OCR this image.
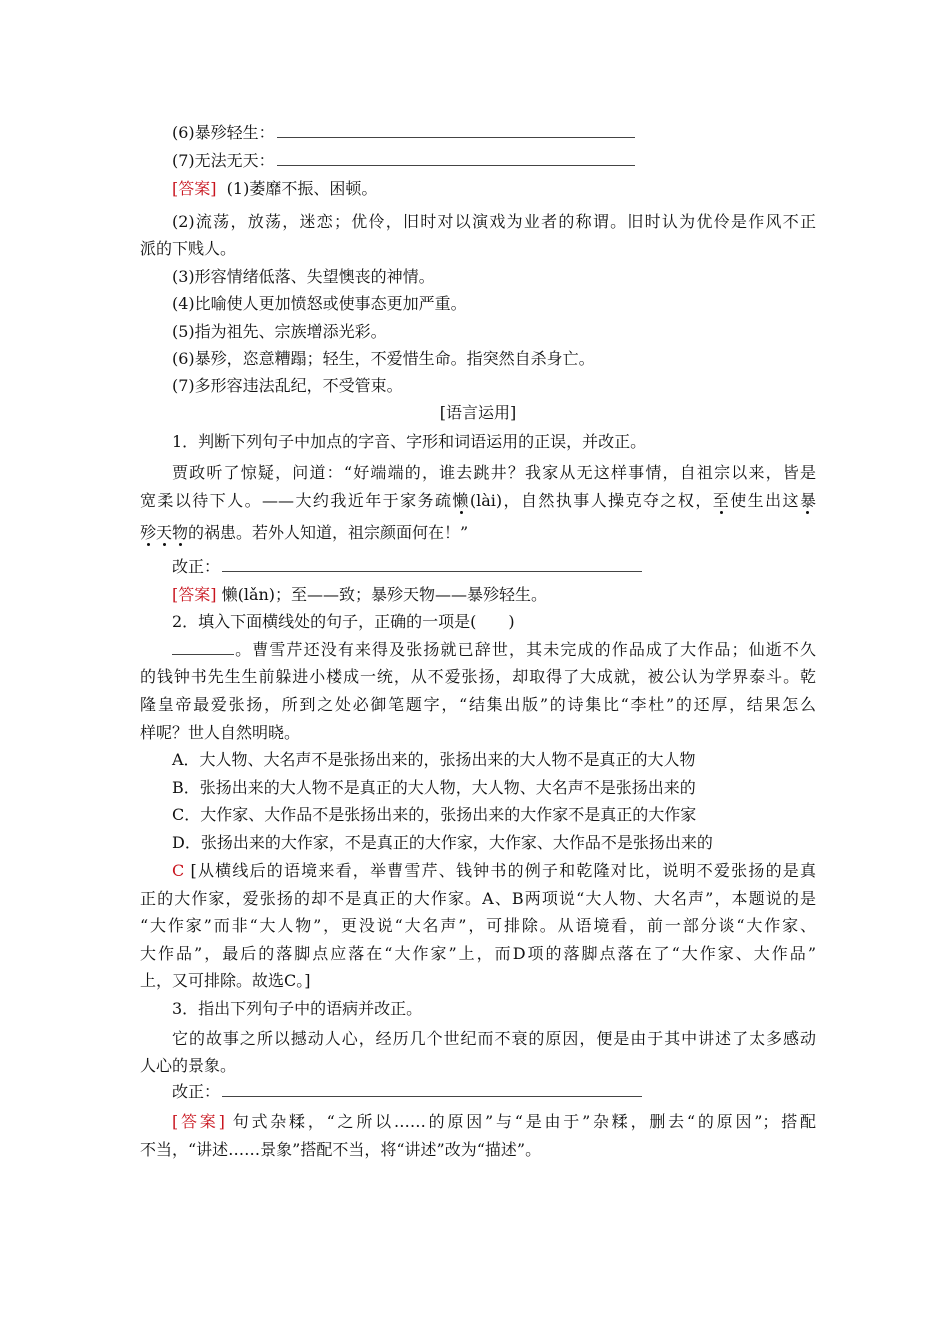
(6)暴殄轻生：
(7)无法无天：
[答案] (1)萎靡不振、困顿。
(2)流荡，放荡，迷恋；优伶，旧时对以演戏为业者的称谓。旧时认为优伶是作风不正
派的下贱人。
(3)形容情绪低落、失望懊丧的神情。
(4)比喻使人更加愤怒或使事态更加严重。
(5)指为祖先、宗族增添光彩。
(6)暴殄，恣意糟蹋；轻生，不爱惜生命。指突然自杀身亡。
(7)多形容违法乱纪，不受管束。
[语言运用]
1．判断下列句子中加点的字音、字形和词语运用的正误，并改正。
贾政听了惊疑，问道：“好端端的，谁去跳井？我家从无这样事情，自祖宗以来，皆是
宽柔以待下人。——大约我近年于家务疏懒(lài)，自然执事人操克夺之权，至使生出这暴
殄天物的祸患。若外人知道，祖宗颜面何在！”
改正：
[答案] 懒(lǎn)；至——致；暴殄天物——暴殄轻生。
2．填入下面横线处的句子，正确的一项是(　　)
。曹雪芹还没有来得及张扬就已辞世，其未完成的作品成了大作品；仙逝不久
的钱钟书先生生前躲进小楼成一统，从不爱张扬，却取得了大成就，被公认为学界泰斗。乾
隆皇帝最爱张扬，所到之处必御笔题字，“结集出版”的诗集比“李杜”的还厚，结果怎么
样呢？世人自然明晓。
A．大人物、大名声不是张扬出来的，张扬出来的大人物不是真正的大人物
B．张扬出来的大人物不是真正的大人物，大人物、大名声不是张扬出来的
C．大作家、大作品不是张扬出来的，张扬出来的大作家不是真正的大作家
D．张扬出来的大作家，不是真正的大作家，大作家、大作品不是张扬出来的
C [从横线后的语境来看，举曹雪芹、钱钟书的例子和乾隆对比，说明不爱张扬的是真
正的大作家，爱张扬的却不是真正的大作家。A、B两项说“大人物、大名声”，本题说的是
“大作家”而非“大人物”，更没说“大名声”，可排除。从语境看，前一部分谈“大作家、
大作品”，最后的落脚点应落在“大作家”上，而D项的落脚点落在了“大作家、大作品”
上，又可排除。故选C。]
3．指出下列句子中的语病并改正。
它的故事之所以撼动人心，经历几个世纪而不衰的原因，便是由于其中讲述了太多感动
人心的景象。
改正：
[答案] 句式杂糅，“之所以……的原因”与“是由于”杂糅，删去“的原因”；搭配
不当，“讲述……景象”搭配不当，将“讲述”改为“描述”。
